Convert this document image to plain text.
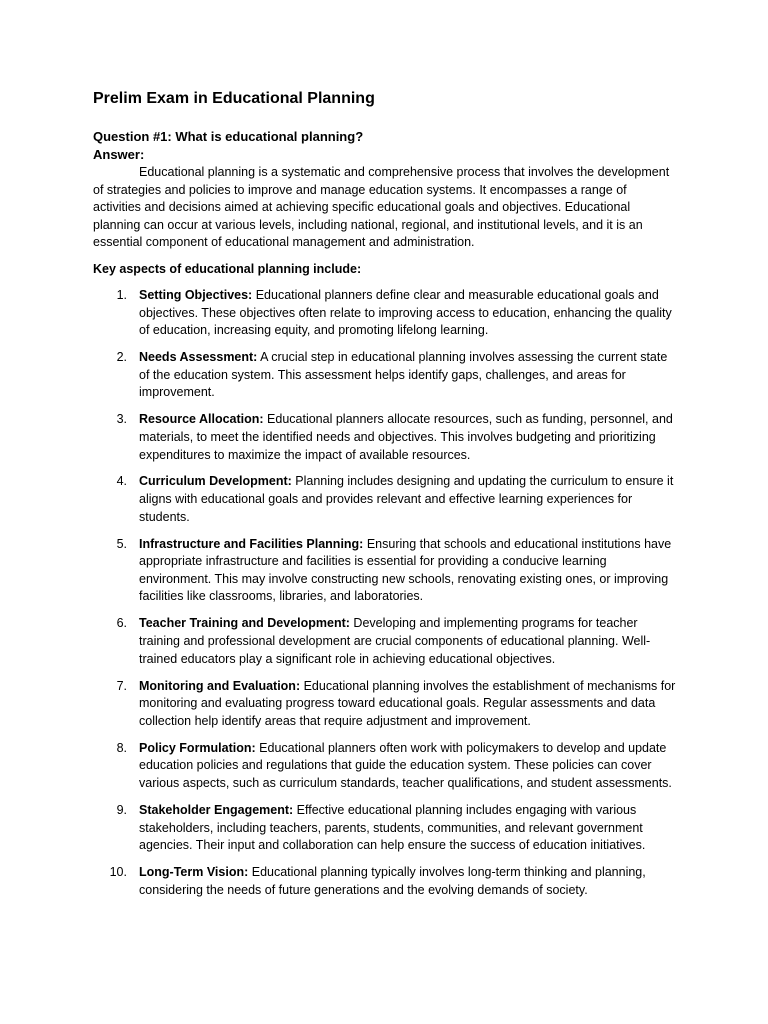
Prelim Exam in Educational Planning

Question #1: What is educational planning?

Answer:

Educational planning is a systematic and comprehensive process that involves the development of strategies and policies to improve and manage education systems. It encompasses a range of activities and decisions aimed at achieving specific educational goals and objectives. Educational planning can occur at various levels, including national, regional, and institutional levels, and it is an essential component of educational management and administration.

Key aspects of educational planning include:

1. Setting Objectives: Educational planners define clear and measurable educational goals and objectives. These objectives often relate to improving access to education, enhancing the quality of education, increasing equity, and promoting lifelong learning.
2. Needs Assessment: A crucial step in educational planning involves assessing the current state of the education system. This assessment helps identify gaps, challenges, and areas for improvement.
3. Resource Allocation: Educational planners allocate resources, such as funding, personnel, and materials, to meet the identified needs and objectives. This involves budgeting and prioritizing expenditures to maximize the impact of available resources.
4. Curriculum Development: Planning includes designing and updating the curriculum to ensure it aligns with educational goals and provides relevant and effective learning experiences for students.
5. Infrastructure and Facilities Planning: Ensuring that schools and educational institutions have appropriate infrastructure and facilities is essential for providing a conducive learning environment. This may involve constructing new schools, renovating existing ones, or improving facilities like classrooms, libraries, and laboratories.
6. Teacher Training and Development: Developing and implementing programs for teacher training and professional development are crucial components of educational planning. Well-trained educators play a significant role in achieving educational objectives.
7. Monitoring and Evaluation: Educational planning involves the establishment of mechanisms for monitoring and evaluating progress toward educational goals. Regular assessments and data collection help identify areas that require adjustment and improvement.
8. Policy Formulation: Educational planners often work with policymakers to develop and update education policies and regulations that guide the education system. These policies can cover various aspects, such as curriculum standards, teacher qualifications, and student assessments.
9. Stakeholder Engagement: Effective educational planning includes engaging with various stakeholders, including teachers, parents, students, communities, and relevant government agencies. Their input and collaboration can help ensure the success of education initiatives.
10. Long-Term Vision: Educational planning typically involves long-term thinking and planning, considering the needs of future generations and the evolving demands of society.
